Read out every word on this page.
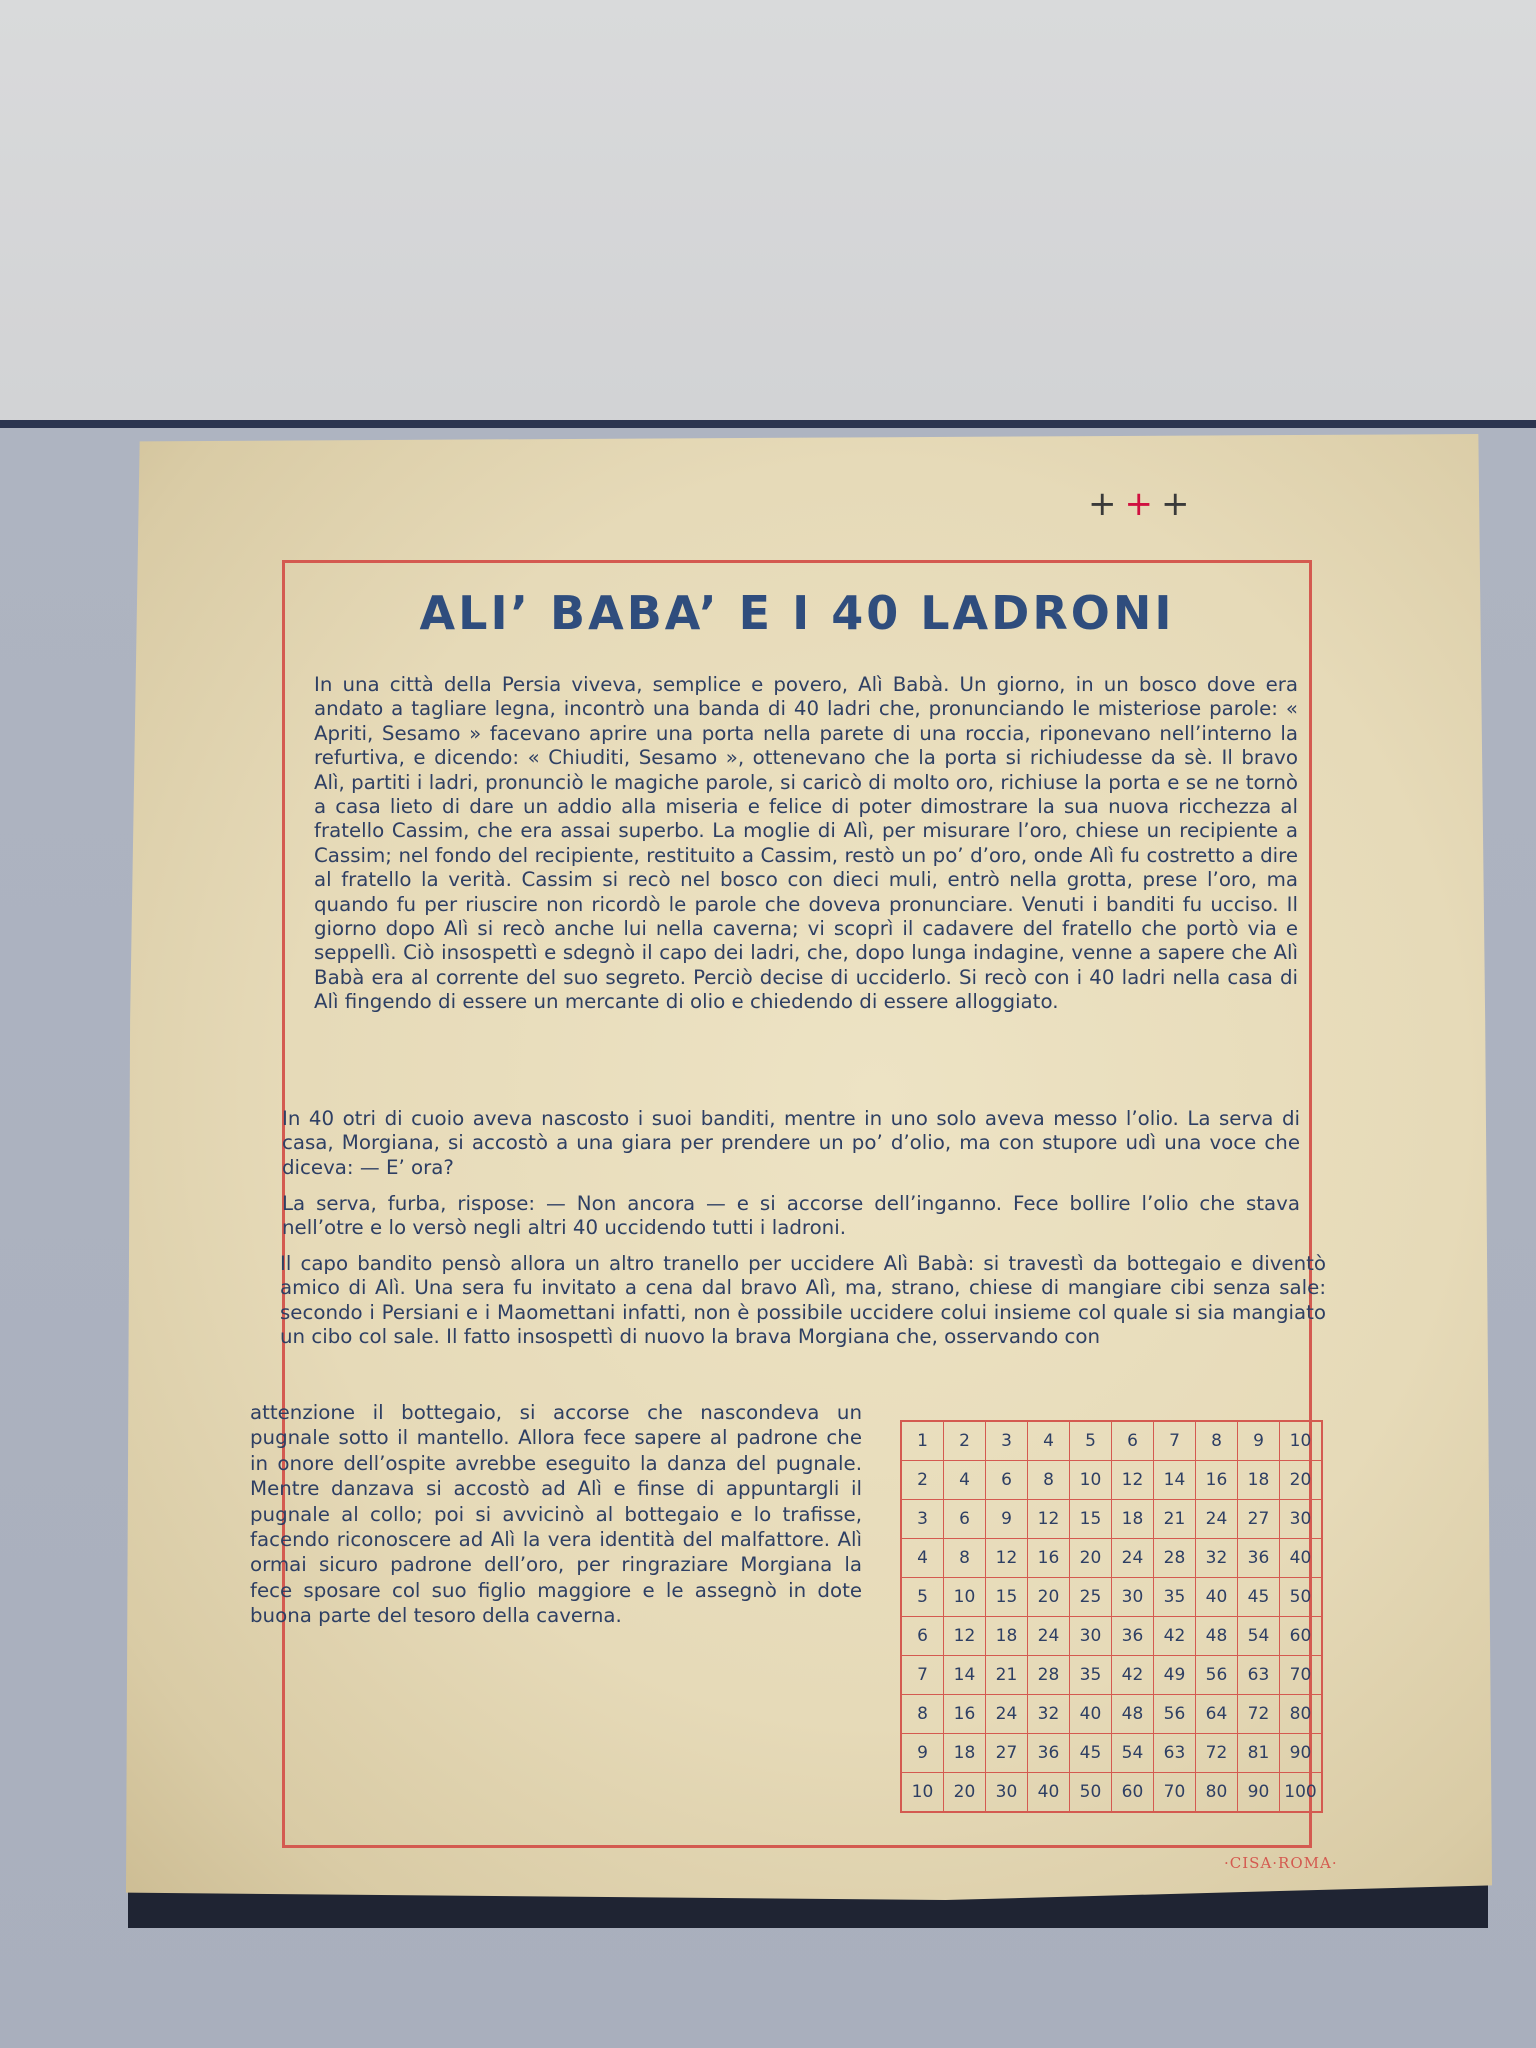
+++
ALI’ BABA’ E I 40 LADRONI

In una città della Persia viveva, semplice e povero, Alì Babà. Un giorno, in un bosco dove era andato a tagliare legna, incontrò una banda di 40 ladri che, pronunciando le misteriose parole: « Apriti, Sesamo » facevano aprire una porta nella parete di una roccia, riponevano nell’interno la refurtiva, e dicendo: « Chiuditi, Sesamo », ottenevano che la porta si richiudesse da sè. Il bravo Alì, partiti i ladri, pronunciò le magiche parole, si caricò di molto oro, richiuse la porta e se ne tornò a casa lieto di dare un addio alla miseria e felice di poter dimostrare la sua nuova ricchezza al fratello Cassim, che era assai superbo. La moglie di Alì, per misurare l’oro, chiese un recipiente a Cassim; nel fondo del recipiente, restituito a Cassim, restò un po’ d’oro, onde Alì fu costretto a dire al fratello la verità. Cassim si recò nel bosco con dieci muli, entrò nella grotta, prese l’oro, ma quando fu per riuscire non ricordò le parole che doveva pronunciare. Venuti i banditi fu ucciso. Il giorno dopo Alì si recò anche lui nella caverna; vi scoprì il cadavere del fratello che portò via e seppellì. Ciò insospettì e sdegnò il capo dei ladri, che, dopo lunga indagine, venne a sapere che Alì Babà era al corrente del suo segreto. Perciò decise di ucciderlo. Si recò con i 40 ladri nella casa di Alì fingendo di essere un mercante di olio e chiedendo di essere alloggiato.

In 40 otri di cuoio aveva nascosto i suoi banditi, mentre in uno solo aveva messo l’olio. La serva di casa, Morgiana, si accostò a una giara per prendere un po’ d’olio, ma con stupore udì una voce che diceva: — E’ ora?

La serva, furba, rispose: — Non ancora — e si accorse dell’inganno. Fece bollire l’olio che stava nell’otre e lo versò negli altri 40 uccidendo tutti i ladroni.

Il capo bandito pensò allora un altro tranello per uccidere Alì Babà: si travestì da bottegaio e diventò amico di Alì. Una sera fu invitato a cena dal bravo Alì, ma, strano, chiese di mangiare cibi senza sale: secondo i Persiani e i Maomettani infatti, non è possibile uccidere colui insieme col quale si sia mangiato un cibo col sale. Il fatto insospettì di nuovo la brava Morgiana che, osservando con

attenzione il bottegaio, si accorse che nascondeva un pugnale sotto il mantello. Allora fece sapere al padrone che in onore dell’ospite avrebbe eseguito la danza del pugnale. Mentre danzava si accostò ad Alì e finse di appuntargli il pugnale al collo; poi si avvicinò al bottegaio e lo trafisse, facendo riconoscere ad Alì la vera identità del malfattore. Alì ormai sicuro padrone dell’oro, per ringraziare Morgiana la fece sposare col suo figlio maggiore e le assegnò in dote buona parte del tesoro della caverna.

1	2	3	4	5	6	7	8	9	10
2	4	6	8	10	12	14	16	18	20
3	6	9	12	15	18	21	24	27	30
4	8	12	16	20	24	28	32	36	40
5	10	15	20	25	30	35	40	45	50
6	12	18	24	30	36	42	48	54	60
7	14	21	28	35	42	49	56	63	70
8	16	24	32	40	48	56	64	72	80
9	18	27	36	45	54	63	72	81	90
10	20	30	40	50	60	70	80	90	100
·CISA·ROMA·
